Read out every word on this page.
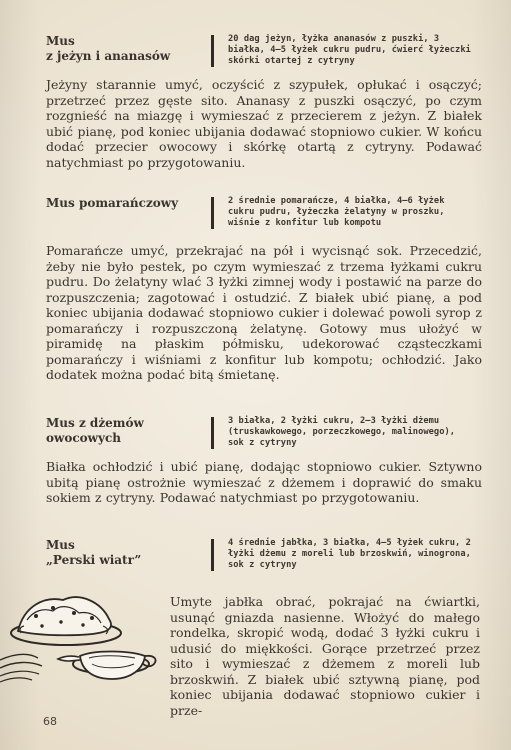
Mus
z jeżyn i ananasów
20 dag jeżyn, łyżka ananasów z puszki, 3 białka, 4—5 łyżek cukru pudru, ćwierć łyżeczki skórki otartej z cytryny
Jeżyny starannie umyć, oczyścić z szypułek, opłukać i osączyć; przetrzeć przez gęste sito. Ananasy z puszki osączyć, po czym rozgnieść na miazgę i wymieszać z przecierem z jeżyn. Z białek ubić pianę, pod koniec ubijania dodawać stopniowo cukier. W końcu dodać przecier owocowy i skórkę otartą z cytryny. Podawać natychmiast po przygotowaniu.
Mus pomarańczowy	2 średnie pomarańcze, 4 białka, 4—6 łyżek cukru pudru, łyżeczka żelatyny w proszku, wiśnie z konfitur lub kompotu
Pomarańcze umyć, przekrajać na pół i wycisnąć sok. Przecedzić, żeby nie było pestek, po czym wymieszać z trzema łyżkami cukru pudru. Do żelatyny wlać 3 łyżki zimnej wody i postawić na parze do rozpuszczenia; zagotować i ostudzić. Z białek ubić pianę, a pod koniec ubijania dodawać stopniowo cukier i dolewać powoli syrop z pomarańczy i rozpuszczoną żelatynę. Gotowy mus ułożyć w piramidę na płaskim półmisku, udekorować cząsteczkami pomarańczy i wiśniami z konfitur lub kompotu; ochłodzić. Jako dodatek można podać bitą śmietanę.
Mus z dżemów
owocowych
3 białka, 2 łyżki cukru, 2—3 łyżki dżemu (truskawkowego, porzeczkowego, malinowego), sok z cytryny
Białka ochłodzić i ubić pianę, dodając stopniowo cukier. Sztywno ubitą pianę ostrożnie wymieszać z dżemem i doprawić do smaku sokiem z cytryny. Podawać natychmiast po przygotowaniu.
Mus
„Perski wiatr”
4 średnie jabłka, 3 białka, 4—5 łyżek cukru, 2 łyżki dżemu z moreli lub brzoskwiń, winogrona, sok z cytryny
Umyte jabłka obrać, pokrajać na ćwiartki, usunąć gniazda nasienne. Włożyć do małego rondelka, skropić wodą, dodać 3 łyżki cukru i udusić do miękkości. Gorące przetrzeć przez sito i wymieszać z dżemem z moreli lub brzoskwiń. Z białek ubić sztywną pianę, pod koniec ubijania dodawać stopniowo cukier i prze-
68
